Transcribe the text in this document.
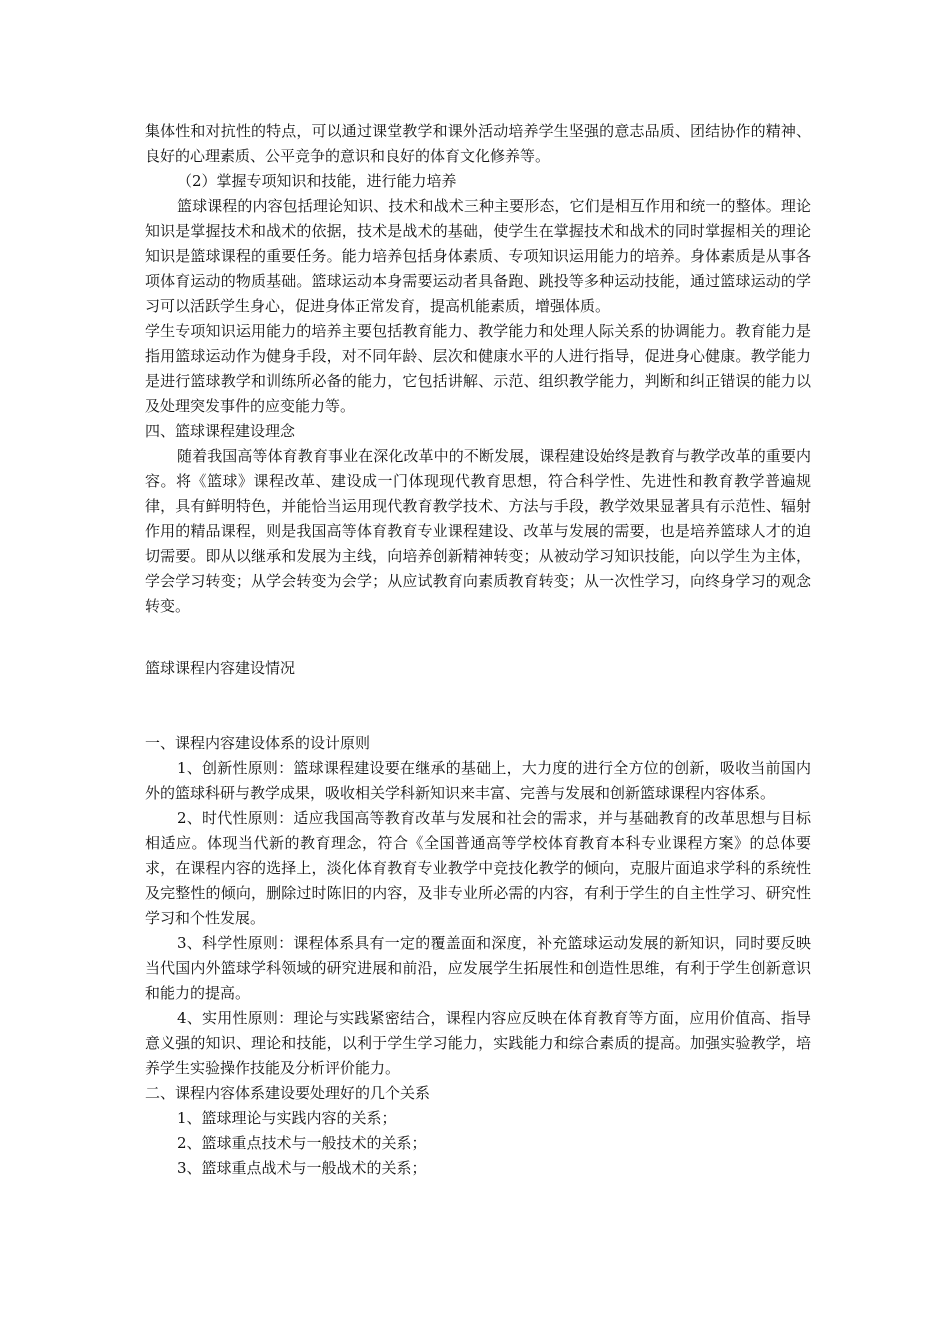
集体性和对抗性的特点，可以通过课堂教学和课外活动培养学生坚强的意志品质、团结协作的精神、良好的心理素质、公平竞争的意识和良好的体育文化修养等。

（2）掌握专项知识和技能，进行能力培养

篮球课程的内容包括理论知识、技术和战术三种主要形态，它们是相互作用和统一的整体。理论知识是掌握技术和战术的依据，技术是战术的基础，使学生在掌握技术和战术的同时掌握相关的理论知识是篮球课程的重要任务。能力培养包括身体素质、专项知识运用能力的培养。身体素质是从事各项体育运动的物质基础。篮球运动本身需要运动者具备跑、跳投等多种运动技能，通过篮球运动的学习可以活跃学生身心，促进身体正常发育，提高机能素质，增强体质。

学生专项知识运用能力的培养主要包括教育能力、教学能力和处理人际关系的协调能力。教育能力是指用篮球运动作为健身手段，对不同年龄、层次和健康水平的人进行指导，促进身心健康。教学能力是进行篮球教学和训练所必备的能力，它包括讲解、示范、组织教学能力，判断和纠正错误的能力以及处理突发事件的应变能力等。

四、篮球课程建设理念

随着我国高等体育教育事业在深化改革中的不断发展，课程建设始终是教育与教学改革的重要内容。将《篮球》课程改革、建设成一门体现现代教育思想，符合科学性、先进性和教育教学普遍规律，具有鲜明特色，并能恰当运用现代教育教学技术、方法与手段，教学效果显著具有示范性、辐射作用的精品课程，则是我国高等体育教育专业课程建设、改革与发展的需要，也是培养篮球人才的迫切需要。即从以继承和发展为主线，向培养创新精神转变；从被动学习知识技能，向以学生为主体，学会学习转变；从学会转变为会学；从应试教育向素质教育转变；从一次性学习，向终身学习的观念转变。

篮球课程内容建设情况

一、课程内容建设体系的设计原则

1、创新性原则：篮球课程建设要在继承的基础上，大力度的进行全方位的创新，吸收当前国内外的篮球科研与教学成果，吸收相关学科新知识来丰富、完善与发展和创新篮球课程内容体系。

2、时代性原则：适应我国高等教育改革与发展和社会的需求，并与基础教育的改革思想与目标相适应。体现当代新的教育理念，符合《全国普通高等学校体育教育本科专业课程方案》的总体要求，在课程内容的选择上，淡化体育教育专业教学中竞技化教学的倾向，克服片面追求学科的系统性及完整性的倾向，删除过时陈旧的内容，及非专业所必需的内容，有利于学生的自主性学习、研究性学习和个性发展。

3、科学性原则：课程体系具有一定的覆盖面和深度，补充篮球运动发展的新知识，同时要反映当代国内外篮球学科领域的研究进展和前沿，应发展学生拓展性和创造性思维，有利于学生创新意识和能力的提高。

4、实用性原则：理论与实践紧密结合，课程内容应反映在体育教育等方面，应用价值高、指导意义强的知识、理论和技能，以利于学生学习能力，实践能力和综合素质的提高。加强实验教学，培养学生实验操作技能及分析评价能力。

二、课程内容体系建设要处理好的几个关系

1、篮球理论与实践内容的关系；

2、篮球重点技术与一般技术的关系；

3、篮球重点战术与一般战术的关系；
